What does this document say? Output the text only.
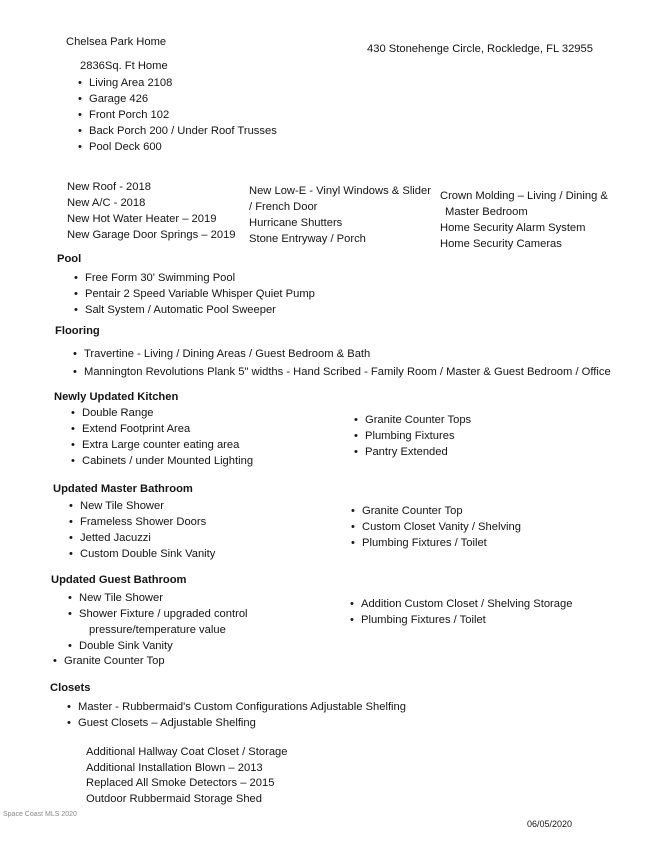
Chelsea Park Home
430 Stonehenge Circle, Rockledge, FL 32955
2836Sq. Ft Home
• Living Area 2108
• Garage 426
• Front Porch 102
• Back Porch 200 / Under Roof Trusses
• Pool Deck 600
New Roof - 2018
New A/C - 2018
New Hot Water Heater – 2019
New Garage Door Springs – 2019
New Low-E - Vinyl Windows & Slider
/ French Door
Hurricane Shutters
Stone Entryway / Porch
Crown Molding – Living / Dining &
Master Bedroom
Home Security Alarm System
Home Security Cameras
Pool
• Free Form 30' Swimming Pool
• Pentair 2 Speed Variable Whisper Quiet Pump
• Salt System / Automatic Pool Sweeper
Flooring
• Travertine - Living / Dining Areas / Guest Bedroom & Bath
• Mannington Revolutions Plank 5" widths - Hand Scribed - Family Room / Master & Guest Bedroom / Office
Newly Updated Kitchen
• Double Range
• Extend Footprint Area
• Extra Large counter eating area
• Cabinets / under Mounted Lighting
• Granite Counter Tops
• Plumbing Fixtures
• Pantry Extended
Updated Master Bathroom
• New Tile Shower
• Frameless Shower Doors
• Jetted Jacuzzi
• Custom Double Sink Vanity
• Granite Counter Top
• Custom Closet Vanity / Shelving
• Plumbing Fixtures / Toilet
Updated Guest Bathroom
• New Tile Shower
• Shower Fixture / upgraded control
pressure/temperature value
• Double Sink Vanity
• Granite Counter Top
• Addition Custom Closet / Shelving Storage
• Plumbing Fixtures / Toilet
Closets
• Master - Rubbermaid's Custom Configurations Adjustable Shelfing
• Guest Closets – Adjustable Shelfing
Additional Hallway Coat Closet / Storage
Additional Installation Blown – 2013
Replaced All Smoke Detectors – 2015
Outdoor Rubbermaid Storage Shed
Space Coast MLS 2020
06/05/2020
